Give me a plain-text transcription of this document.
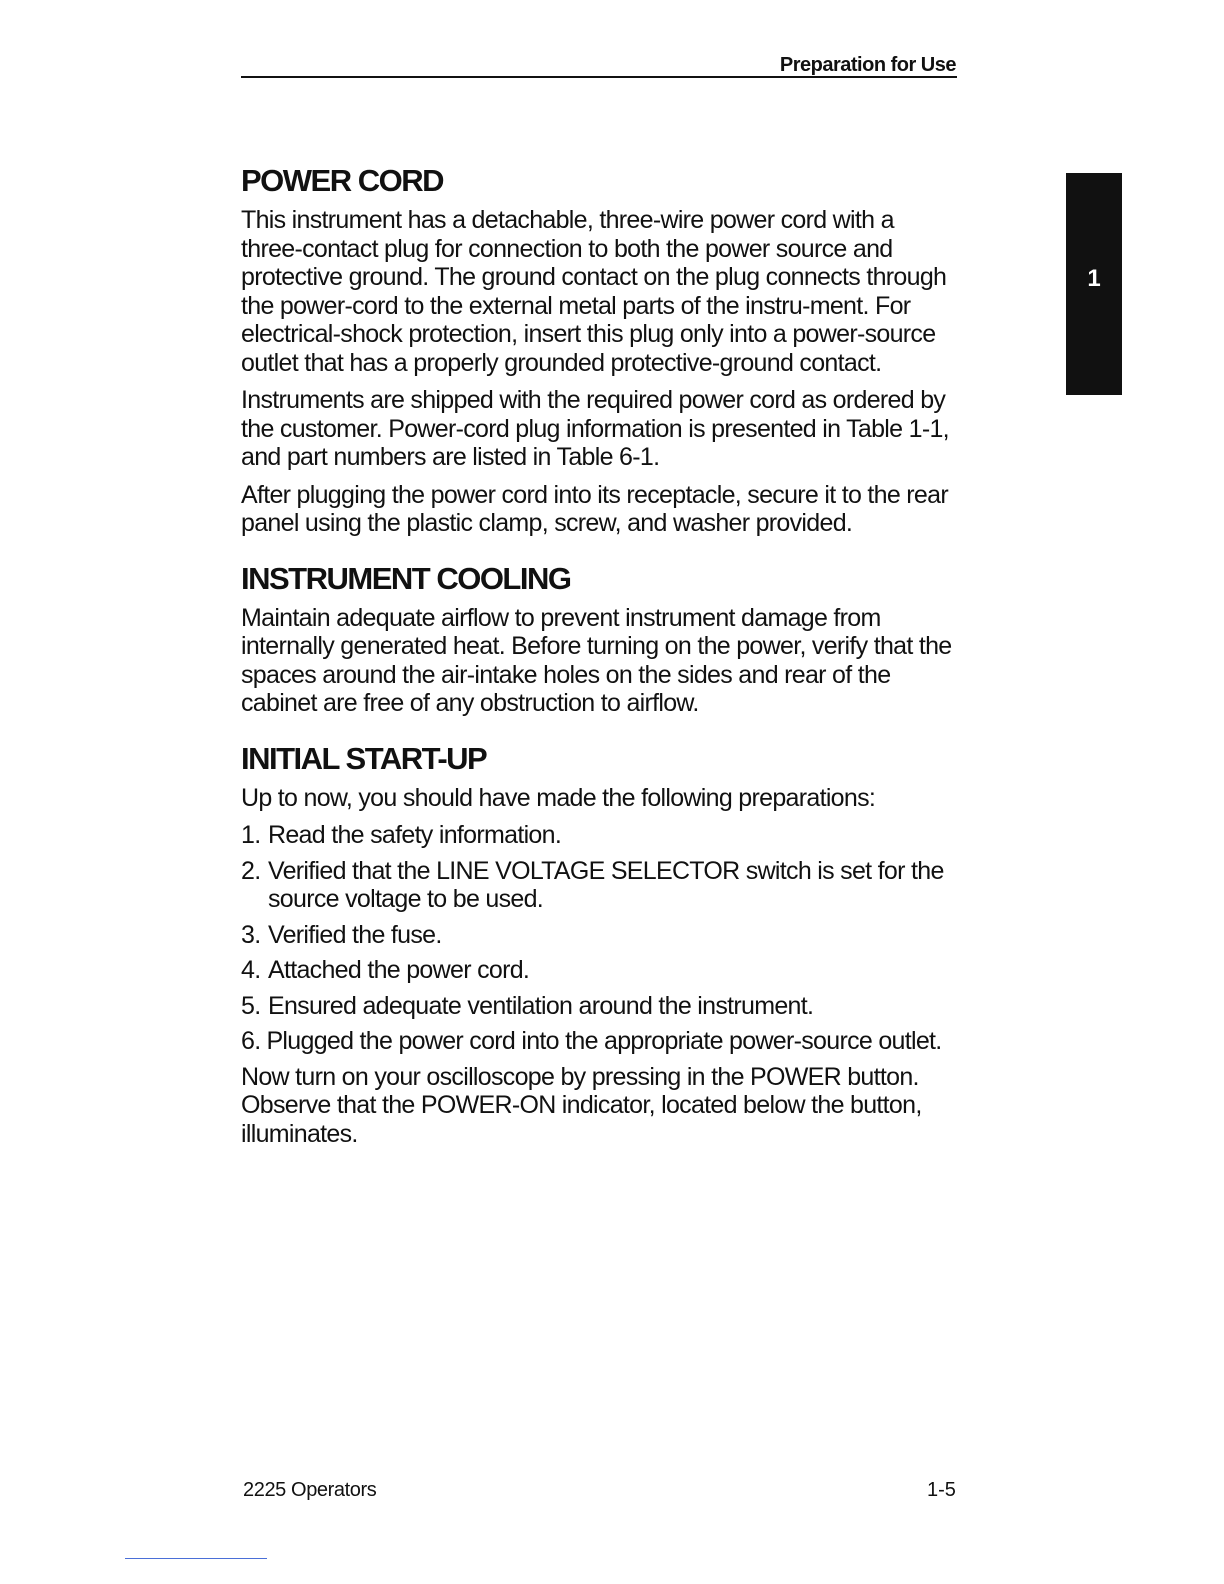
Preparation for Use
1
POWER CORD

This instrument has a detachable, three-wire power cord with a three-contact plug for connection to both the power source and protective ground. The ground contact on the plug connects through the power-cord to the external metal parts of the instru-ment. For electrical-shock protection, insert this plug only into a power-source outlet that has a properly grounded protective-ground contact.

Instruments are shipped with the required power cord as ordered by the customer. Power-cord plug information is presented in Table 1-1, and part numbers are listed in Table 6-1.

After plugging the power cord into its receptacle, secure it to the rear panel using the plastic clamp, screw, and washer provided.

INSTRUMENT COOLING

Maintain adequate airflow to prevent instrument damage from internally generated heat. Before turning on the power, verify that the spaces around the air-intake holes on the sides and rear of the cabinet are free of any obstruction to airflow.

INITIAL START-UP

Up to now, you should have made the following preparations:

1. Read the safety information.
2. Verified that the LINE VOLTAGE SELECTOR switch is set for the source voltage to be used.
3. Verified the fuse.
4. Attached the power cord.
5. Ensured adequate ventilation around the instrument.
6. Plugged the power cord into the appropriate power-source outlet.

Now turn on your oscilloscope by pressing in the POWER button. Observe that the POWER-ON indicator, located below the button, illuminates.

2225 Operators	1-5
